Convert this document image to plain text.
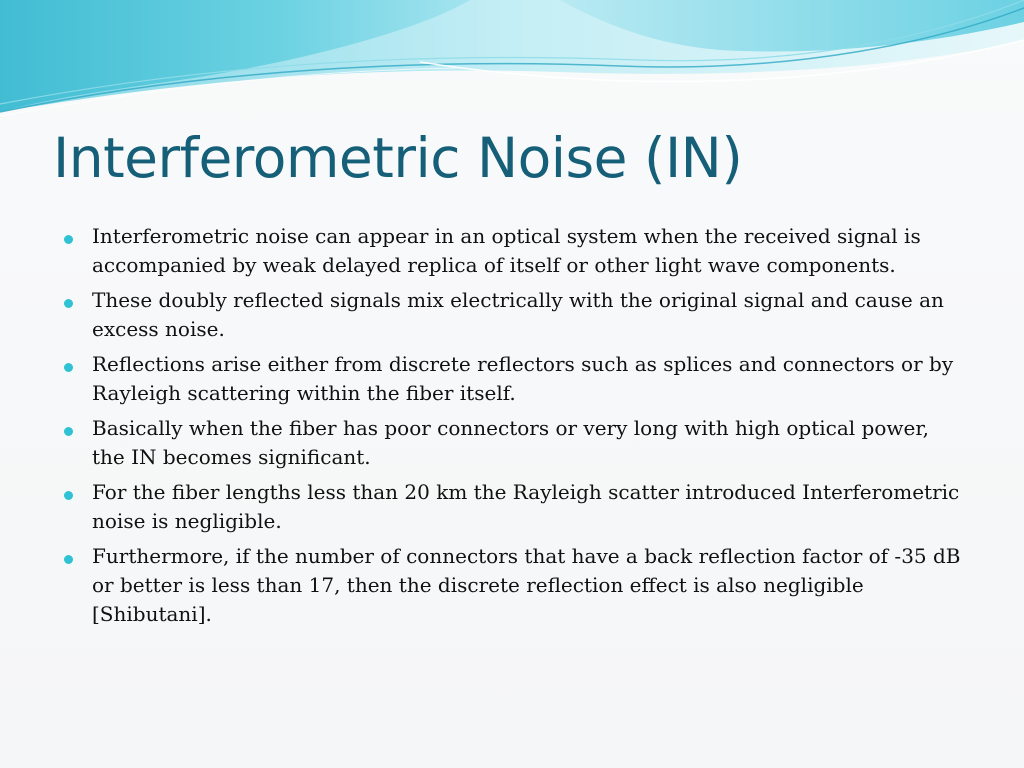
Interferometric Noise (IN)
Interferometric noise can appear in an optical system when the received signal is accompanied by weak delayed replica of itself or other light wave components.
These doubly reflected signals mix electrically with the original signal and cause an excess noise.
Reflections arise either from discrete reflectors such as splices and connectors or by Rayleigh scattering within the fiber itself.
Basically when the fiber has poor connectors or very long with high optical power, the IN becomes significant.
For the fiber lengths less than 20 km the Rayleigh scatter introduced Interferometric noise is negligible.
Furthermore, if the number of connectors that have a back reflection factor of -35 dB or better is less than 17, then the discrete reflection effect is also negligible [Shibutani].
